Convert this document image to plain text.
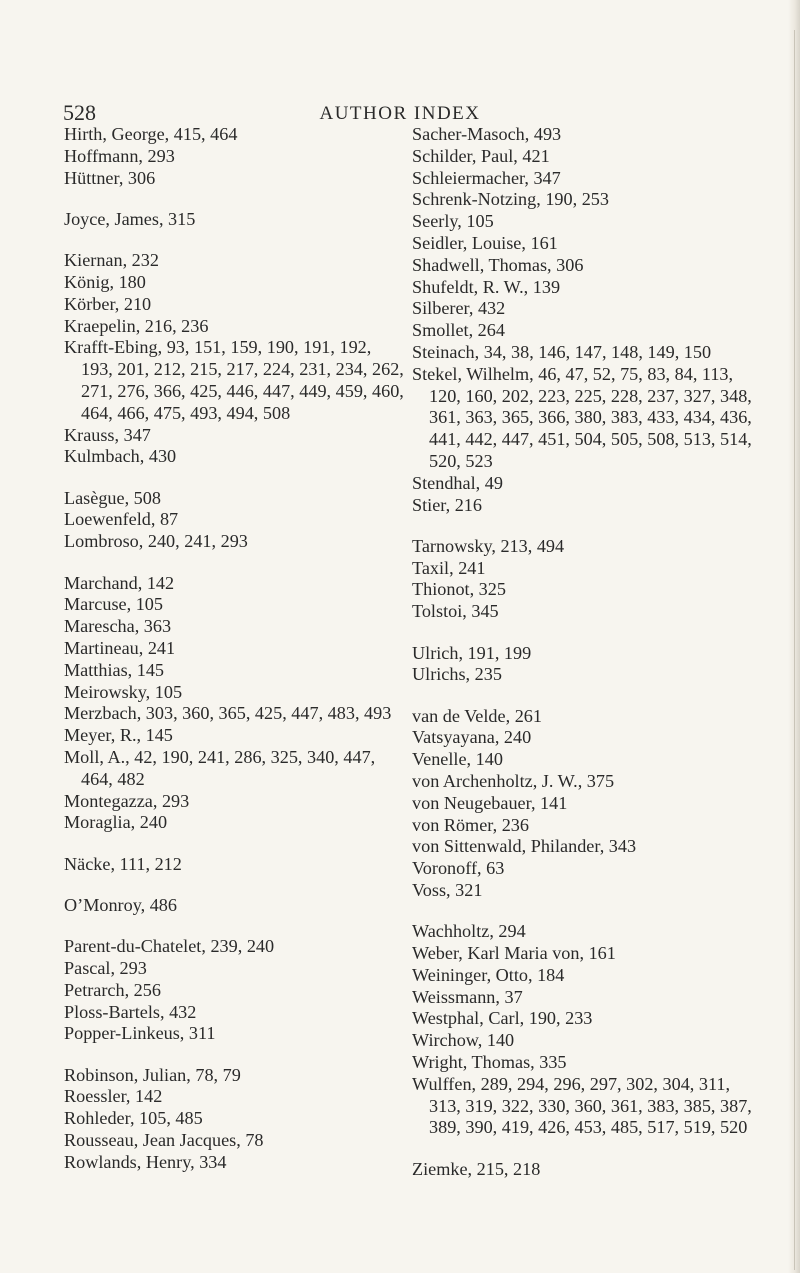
528	AUTHOR INDEX
Hirth, George, 415, 464
Hoffmann, 293
Hüttner, 306
Joyce, James, 315
Kiernan, 232
König, 180
Körber, 210
Kraepelin, 216, 236
Krafft-Ebing, 93, 151, 159, 190, 191, 192, 193, 201, 212, 215, 217, 224, 231, 234, 262, 271, 276, 366, 425, 446, 447, 449, 459, 460, 464, 466, 475, 493, 494, 508
Krauss, 347
Kulmbach, 430
Lasègue, 508
Loewenfeld, 87
Lombroso, 240, 241, 293
Marchand, 142
Marcuse, 105
Marescha, 363
Martineau, 241
Matthias, 145
Meirowsky, 105
Merzbach, 303, 360, 365, 425, 447, 483, 493
Meyer, R., 145
Moll, A., 42, 190, 241, 286, 325, 340, 447, 464, 482
Montegazza, 293
Moraglia, 240
Näcke, 111, 212
O’Monroy, 486
Parent-du-Chatelet, 239, 240
Pascal, 293
Petrarch, 256
Ploss-Bartels, 432
Popper-Linkeus, 311
Robinson, Julian, 78, 79
Roessler, 142
Rohleder, 105, 485
Rousseau, Jean Jacques, 78
Rowlands, Henry, 334
Sacher-Masoch, 493
Schilder, Paul, 421
Schleiermacher, 347
Schrenk-Notzing, 190, 253
Seerly, 105
Seidler, Louise, 161
Shadwell, Thomas, 306
Shufeldt, R. W., 139
Silberer, 432
Smollet, 264
Steinach, 34, 38, 146, 147, 148, 149, 150
Stekel, Wilhelm, 46, 47, 52, 75, 83, 84, 113, 120, 160, 202, 223, 225, 228, 237, 327, 348, 361, 363, 365, 366, 380, 383, 433, 434, 436, 441, 442, 447, 451, 504, 505, 508, 513, 514, 520, 523
Stendhal, 49
Stier, 216
Tarnowsky, 213, 494
Taxil, 241
Thionot, 325
Tolstoi, 345
Ulrich, 191, 199
Ulrichs, 235
van de Velde, 261
Vatsyayana, 240
Venelle, 140
von Archenholtz, J. W., 375
von Neugebauer, 141
von Römer, 236
von Sittenwald, Philander, 343
Voronoff, 63
Voss, 321
Wachholtz, 294
Weber, Karl Maria von, 161
Weininger, Otto, 184
Weissmann, 37
Westphal, Carl, 190, 233
Wirchow, 140
Wright, Thomas, 335
Wulffen, 289, 294, 296, 297, 302, 304, 311, 313, 319, 322, 330, 360, 361, 383, 385, 387, 389, 390, 419, 426, 453, 485, 517, 519, 520
Ziemke, 215, 218
